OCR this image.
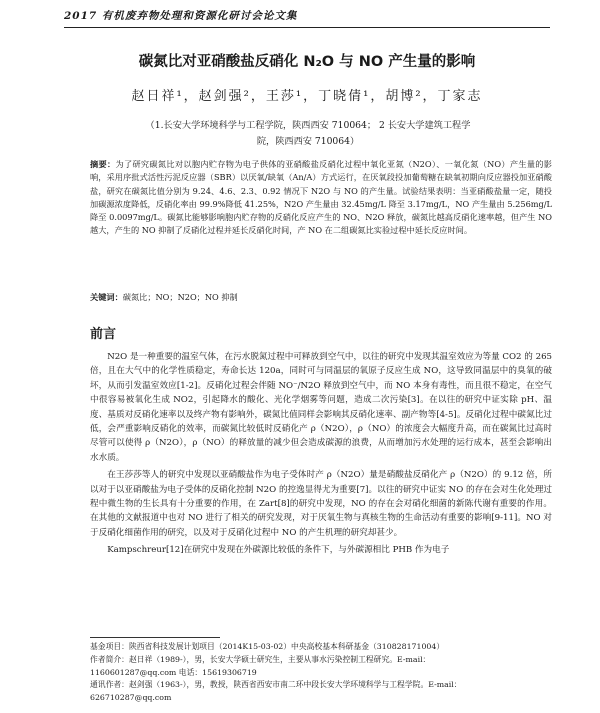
2017 有机废弃物处理和资源化研讨会论文集
碳氮比对亚硝酸盐反硝化 N₂O 与 NO 产生量的影响
赵日祥¹，赵剑强²，王莎¹，丁晓倩¹，胡博²，丁家志
（1.长安大学环境科学与工程学院，陕西西安 710064； 2 长安大学建筑工程学
院，陕西西安 710064）
摘要：为了研究碳氮比对以胞内贮存物为电子供体的亚硝酸盐反硝化过程中氧化亚氮（N2O）、一氧化氮（NO）产生量的影响，采用序批式活性污泥反应器（SBR）以厌氧/缺氧（An/A）方式运行，在厌氧段投加葡萄糖在缺氧初期向反应器投加亚硝酸盐，研究在碳氮比值分别为 9.24、4.6、2.3、0.92 情况下 N2O 与 NO 的产生量。试验结果表明：当亚硝酸盐量一定，随投加碳源浓度降低，反硝化率由 99.9%降低 41.25%，N2O 产生量由 32.45mg/L 降至 3.17mg/L，NO 产生量由 5.256mg/L 降至 0.0097mg/L。碳氮比能够影响胞内贮存物的反硝化反应产生的 NO、N2O 释放，碳氮比越高反硝化速率越，但产生 NO 越大，产生的 NO 抑制了反硝化过程并延长反硝化时间，产 NO 在二组碳氮比实验过程中延长反应时间。
关键词：碳氮比；NO；N2O；NO 抑制
前言

N2O 是一种重要的温室气体，在污水脱氮过程中可释放到空气中，以往的研究中发现其温室效应为等量 CO2 的 265 倍，且在大气中的化学性质稳定，寿命长达 120a，同时可与同温层的氧原子反应生成 NO，这导致同温层中的臭氧的破坏，从而引发温室效应[1-2]。反硝化过程会伴随 NO⁻/N2O 释放到空气中，而 NO 本身有毒性，而且很不稳定，在空气中很容易被氧化生成 NO2，引起降水的酸化、光化学烟雾等问题，造成二次污染[3]。在以往的研究中证实除 pH、温度、基质对反硝化速率以及终产物有影响外，碳氮比值同样会影响其反硝化速率、副产物等[4-5]。反硝化过程中碳氮比过低，会严重影响反硝化的效率，而碳氮比较低时反硝化产 ρ（N2O），ρ（NO）的浓度会大幅度升高，而在碳氮比过高时尽管可以使得 ρ（N2O），ρ（NO）的释放量的减少但会造成碳源的浪费，从而增加污水处理的运行成本，甚至会影响出水水质。

在王莎莎等人的研究中发现以亚硝酸盐作为电子受体时产 ρ（N2O）量是硝酸盐反硝化产 ρ（N2O）的 9.12 倍，所以对于以亚硝酸盐为电子受体的反硝化控制 N2O 的控逸显得尤为重要[7]。以往的研究中证实 NO 的存在会对生化处理过程中微生物的生长具有十分重要的作用，在 Zart[8]的研究中发现，NO 的存在会对硝化细菌的新陈代谢有重要的作用。在其他的文献报道中也对 NO 进行了相关的研究发现，对于厌氧生物与真核生物的生命活动有重要的影响[9-11]。NO 对于反硝化细菌作用的研究，以及对于反硝化过程中 NO 的产生机理的研究却甚少。

Kampschreur[12]在研究中发现在外碳源比较低的条件下，与外碳源相比 PHB 作为电子

基金项目：陕西省科技发展计划项目（2014K15-03-02）中央高校基本科研基金（310828171004）
作者简介：赵日祥（1989-），男，长安大学硕士研究生，主要从事水污染控制工程研究。E-mail：
1160601287@qq.com 电话：15619306719
通讯作者：赵剑强（1963-），男，教授，陕西省西安市南二环中段长安大学环境科学与工程学院。E-mail：
626710287@qq.com
